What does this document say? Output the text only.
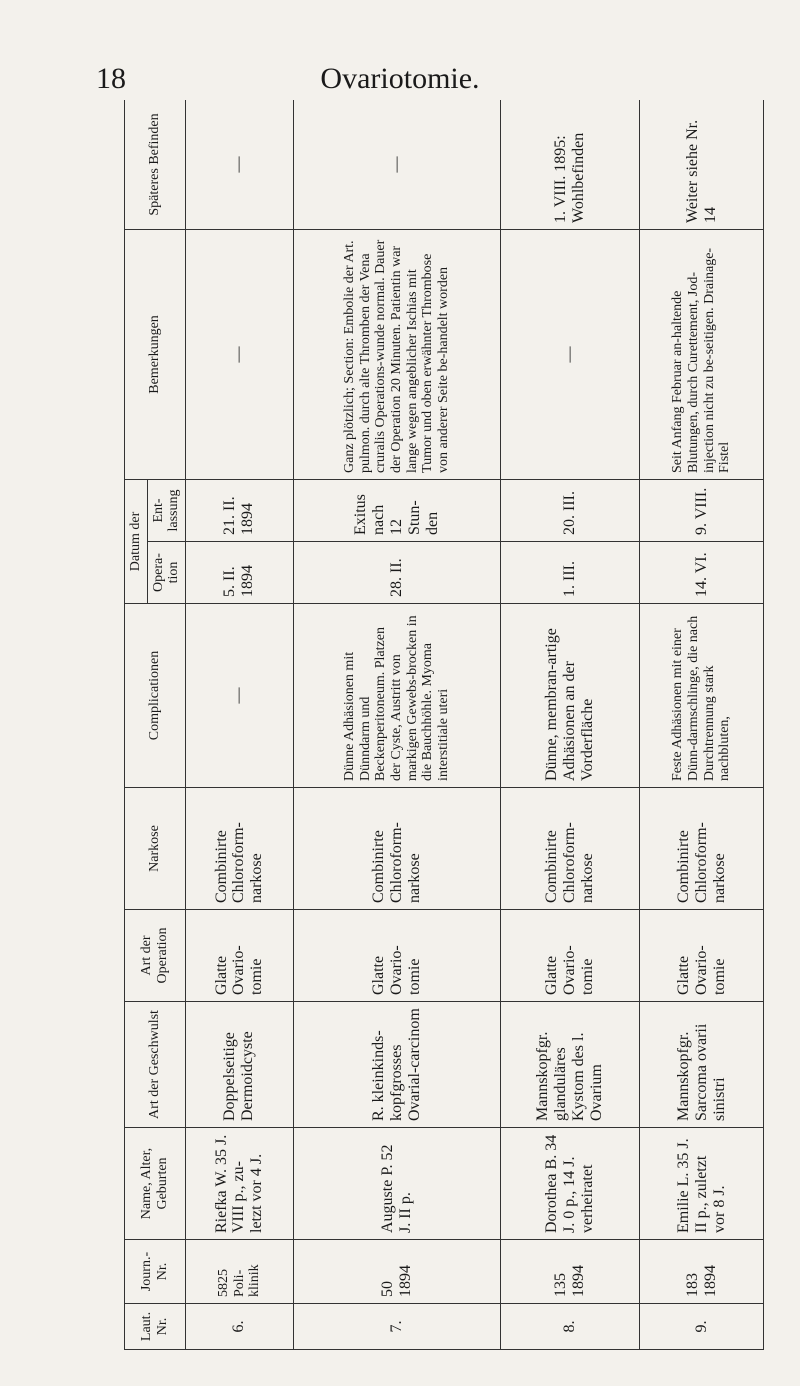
18	Ovariotomie.
Laut. Nr.	Journ.-Nr.	Name, Alter, Geburten	Art der Geschwulst	Art der Operation	Narkose	Complicationen	Datum der		Bemerkungen	Späteres Befinden
							Opera-tion	Ent-lassung		
6.	5825 Poli-klinik	Riefka W. 35 J. VIII p., zu-letzt vor 4 J.	Doppelseitige Dermoidcyste	Glatte Ovario-tomie	Combinirte Chloroform-narkose	—	5. II. 1894	21. II. 1894	—	—
7.	50 1894	Auguste P. 52 J. II p.	R. kleinkinds-kopfgrosses Ovarial-carcinom	Glatte Ovario-tomie	Combinirte Chloroform-narkose	Dünne Adhäsionen mit Dünndarm und Beckenperitoneum. Platzen der Cyste, Austritt von markigen Gewebs-brocken in die Bauchhöhle. Myoma interstitiale uteri	28. II.	Exitus nach 12 Stun-den	Ganz plötzlich; Section: Embolie der Art. pulmon. durch alte Thromben der Vena cruralis Operations-wunde normal. Dauer der Operation 20 Minuten. Patientin war lange wegen angeblicher Ischias mit Tumor und oben erwähnter Thrombose von anderer Seite be-handelt worden	—
8.	135 1894	Dorothea B. 34 J. 0 p., 14 J. verheiratet	Mannskopfgr. glanduläres Kystom des l. Ovarium	Glatte Ovario-tomie	Combinirte Chloroform-narkose	Dünne, membran-artige Adhäsionen an der Vorderfläche	1. III.	20. III.	—	1. VIII. 1895: Wohlbefinden
9.	183 1894	Emilie L. 35 J. II p., zuletzt vor 8 J.	Mannskopfgr. Sarcoma ovarii sinistri	Glatte Ovario-tomie	Combinirte Chloroform-narkose	Feste Adhäsionen mit einer Dünn-darmschlinge, die nach Durchtrennung stark nachbluten,	14. VI.	9. VIII.	Seit Anfang Februar an-haltende Blutungen, durch Curettement, Jod-injection nicht zu be-seitigen. Drainage-Fistel	Weiter siehe Nr. 14
